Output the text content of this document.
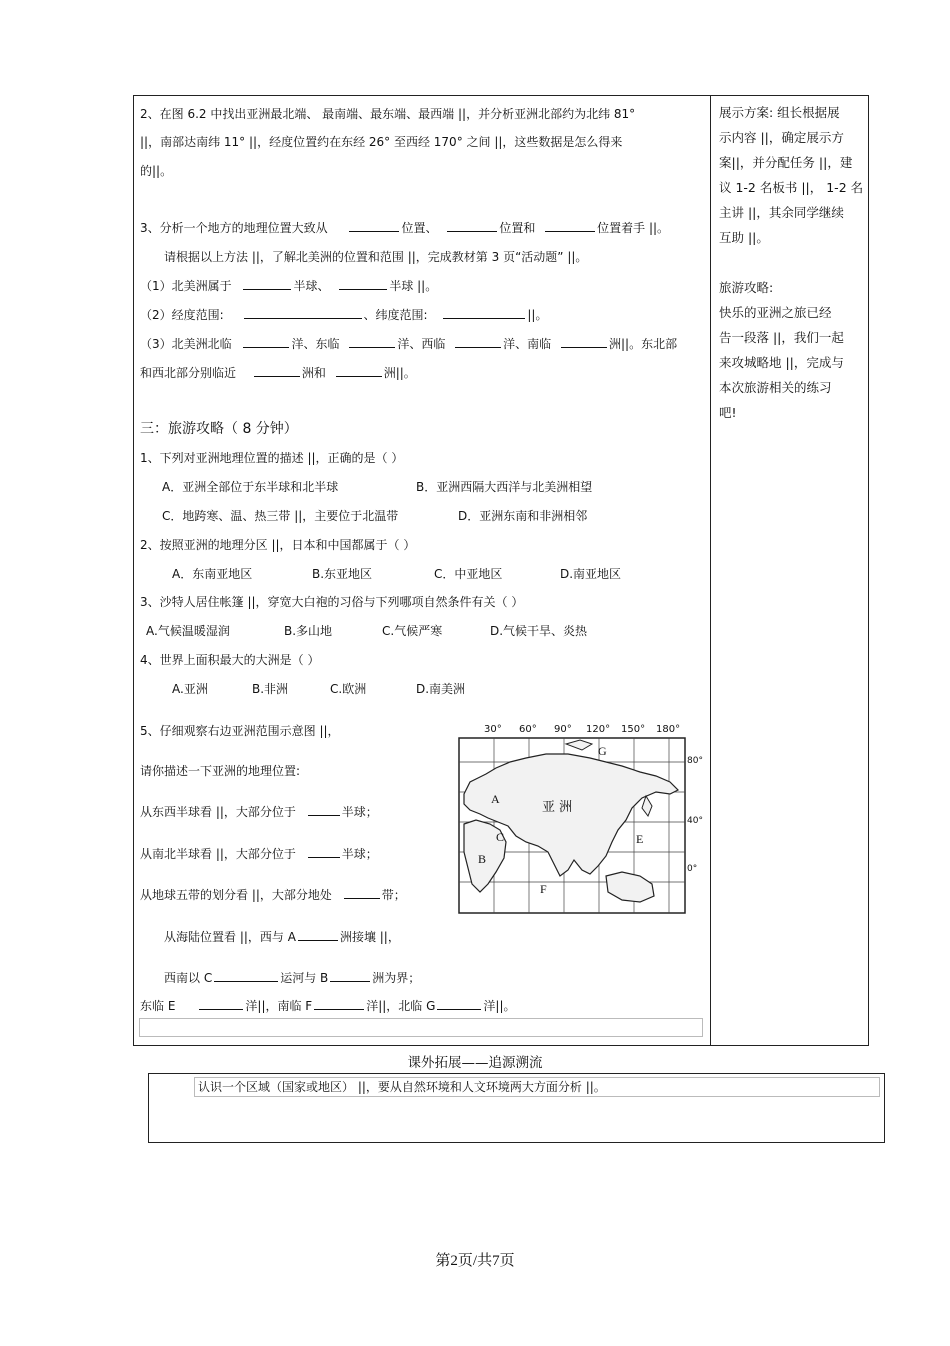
2、在图 6.2 中找出亚洲最北端、 最南端、最东端、最西端 ||，并分析亚洲北部约为北纬 81°
||，南部达南纬 11° ||，经度位置约在东经 26° 至西经 170° 之间 ||，这些数据是怎么得来
的||。
3、分析一个地方的地理位置大致从	位置、	位置和	位置着手 ||。
请根据以上方法 ||，了解北美洲的位置和范围 ||，完成教材第 3 页“活动题” ||。
（1）北美洲属于	半球、	半球 ||。
（2）经度范围:	、纬度范围:	||。
（3）北美洲北临	洋、东临	洋、西临	洋、南临	洲||。东北部
和西北部分别临近	洲和	洲||。
三：旅游攻略（ 8 分钟）
1、下列对亚洲地理位置的描述 ||，正确的是（ ）
A．亚洲全部位于东半球和北半球	B．亚洲西隔大西洋与北美洲相望
C．地跨寒、温、热三带 ||，主要位于北温带	D．亚洲东南和非洲相邻
2、按照亚洲的地理分区 ||，日本和中国都属于（ ）
A．东南亚地区	B.东亚地区	C．中亚地区	D.南亚地区
3、沙特人居住帐篷 ||，穿宽大白袍的习俗与下列哪项自然条件有关（ ）
A.气候温暖湿润	B.多山地	C.气候严寒	D.气候干旱、炎热
4、世界上面积最大的大洲是（ ）
A.亚洲	B.非洲	C.欧洲	D.南美洲
5、仔细观察右边亚洲范围示意图 ||，
请你描述一下亚洲的地理位置:
从东西半球看 ||，大部分位于	半球；
从南北半球看 ||，大部分位于	半球；
从地球五带的划分看 ||，大部分地处	带；
从海陆位置看 ||，西与 A	洲接壤 ||，
西南以 C	运河与 B	洲为界；
东临 E	洋||，南临 F	洋||，北临 G	洋||。
30° 60° 90° 120° 150° 180°
80°
40°
0°
亚 洲
A
B
C	E
F
G
展示方案: 组长根据展
示内容 ||，确定展示方
案||，并分配任务 ||，建
议 1-2 名板书 ||， 1-2 名
主讲 ||，其余同学继续
互助 ||。
旅游攻略:
快乐的亚洲之旅已经
告一段落 ||，我们一起
来攻城略地 ||，完成与
本次旅游相关的练习
吧!
课外拓展——追源溯流
认识一个区域（国家或地区） ||，要从自然环境和人文环境两大方面分析 ||。
第2页/共7页
